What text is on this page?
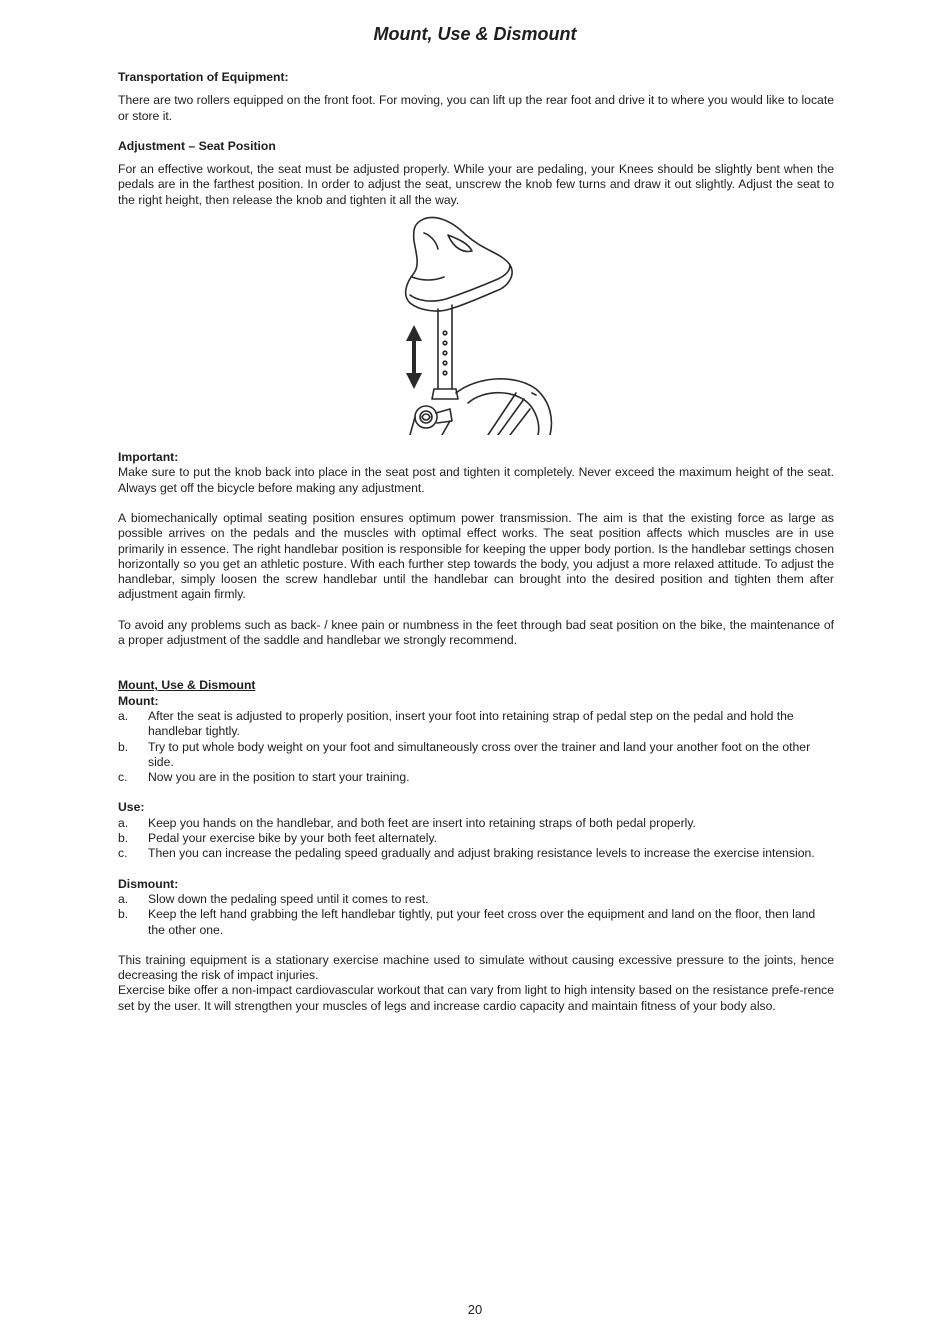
Mount, Use & Dismount
Transportation of Equipment:

There are two rollers equipped on the front foot. For moving, you can lift up the rear foot and drive it to where you would like to locate or store it.

Adjustment – Seat Position

For an effective workout, the seat must be adjusted properly. While your are pedaling, your Knees should be slightly bent when the pedals are in the farthest position. In order to adjust the seat, unscrew the knob few turns and draw it out slightly. Adjust the seat to the right height, then release the knob and tighten it all the way.

Important:

Make sure to put the knob back into place in the seat post and tighten it completely. Never exceed the maximum height of the seat. Always get off the bicycle before making any adjustment.

A biomechanically optimal seating position ensures optimum power transmission. The aim is that the existing force as large as possible arrives on the pedals and the muscles with optimal effect works. The seat position affects which muscles are in use primarily in essence. The right handlebar position is responsible for keeping the upper body portion. Is the handlebar settings chosen horizontally so you get an athletic posture. With each further step towards the body, you adjust a more relaxed attitude. To adjust the handlebar, simply loosen the screw handlebar until the handlebar can brought into the desired position and tighten them after adjustment again firmly.

To avoid any problems such as back- / knee pain or numbness in the feet through bad seat position on the bike, the maintenance of a proper adjustment of the saddle and handlebar we strongly recommend.

Mount, Use & Dismount
Mount:
a. After the seat is adjusted to properly position, insert your foot into retaining strap of pedal step on the pedal and hold the handlebar tightly.
b. Try to put whole body weight on your foot and simultaneously cross over the trainer and land your another foot on the other side.
c. Now you are in the position to start your training.
Use:
a. Keep you hands on the handlebar, and both feet are insert into retaining straps of both pedal properly.
b. Pedal your exercise bike by your both feet alternately.
c. Then you can increase the pedaling speed gradually and adjust braking resistance levels to increase the exercise intension.
Dismount:
a. Slow down the pedaling speed until it comes to rest.
b. Keep the left hand grabbing the left handlebar tightly, put your feet cross over the equipment and land on the floor, then land the other one.

This training equipment is a stationary exercise machine used to simulate without causing excessive pressure to the joints, hence decreasing the risk of impact injuries.

Exercise bike offer a non-impact cardiovascular workout that can vary from light to high intensity based on the resistance prefe-rence set by the user. It will strengthen your muscles of legs and increase cardio capacity and maintain fitness of your body also.

20
